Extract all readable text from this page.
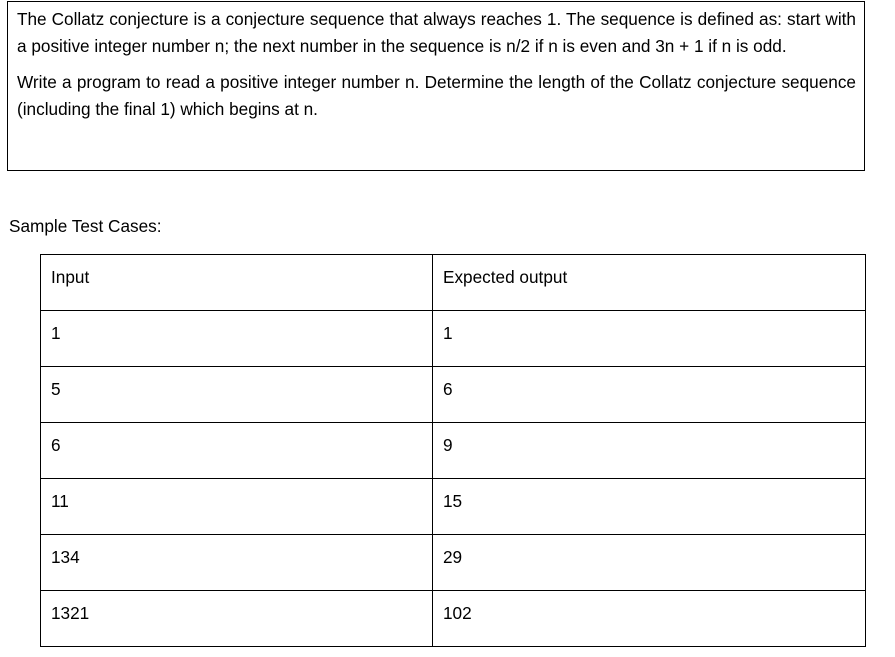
The Collatz conjecture is a conjecture sequence that always reaches 1. The sequence is defined as: start with a positive integer number n; the next number in the sequence is n/2 if n is even and 3n + 1 if n is odd.

Write a program to read a positive integer number n. Determine the length of the Collatz conjecture sequence (including the final 1) which begins at n.

Sample Test Cases:

Input	Expected output
1	1
5	6
6	9
11	15
134	29
1321	102
